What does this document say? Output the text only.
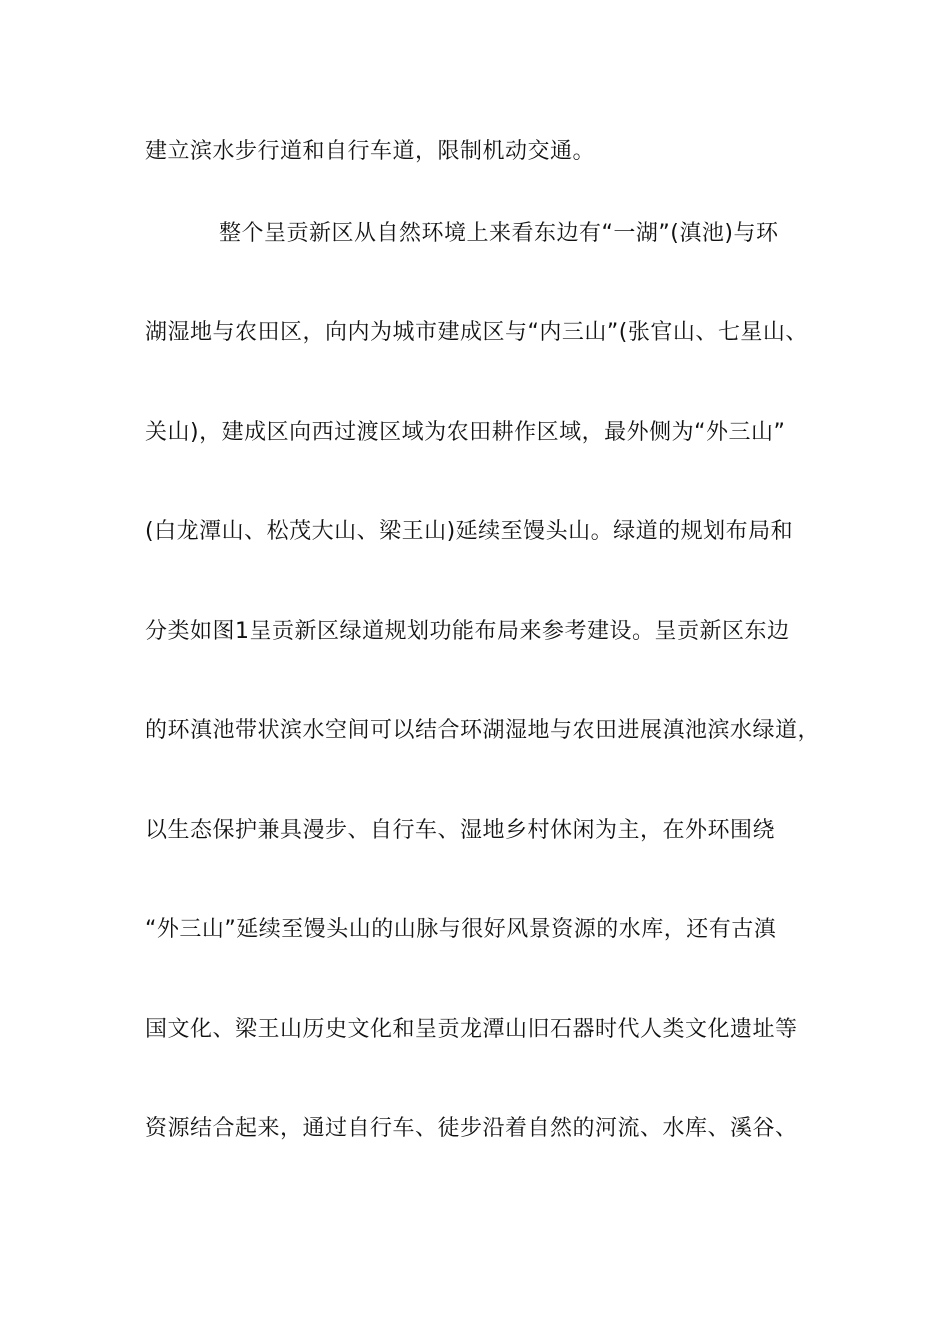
建立滨水步行道和自行车道，限制机动交通。
整个呈贡新区从自然环境上来看东边有“一湖”(滇池)与环
湖湿地与农田区，向内为城市建成区与“内三山”(张官山、七星山、
关山)，建成区向西过渡区域为农田耕作区域，最外侧为“外三山”
(白龙潭山、松茂大山、梁王山)延续至馒头山。绿道的规划布局和
分类如图1呈贡新区绿道规划功能布局来参考建设。呈贡新区东边
的环滇池带状滨水空间可以结合环湖湿地与农田进展滇池滨水绿道，
以生态保护兼具漫步、自行车、湿地乡村休闲为主，在外环围绕
“外三山”延续至馒头山的山脉与很好风景资源的水库，还有古滇
国文化、梁王山历史文化和呈贡龙潭山旧石器时代人类文化遗址等
资源结合起来，通过自行车、徒步沿着自然的河流、水库、溪谷、
